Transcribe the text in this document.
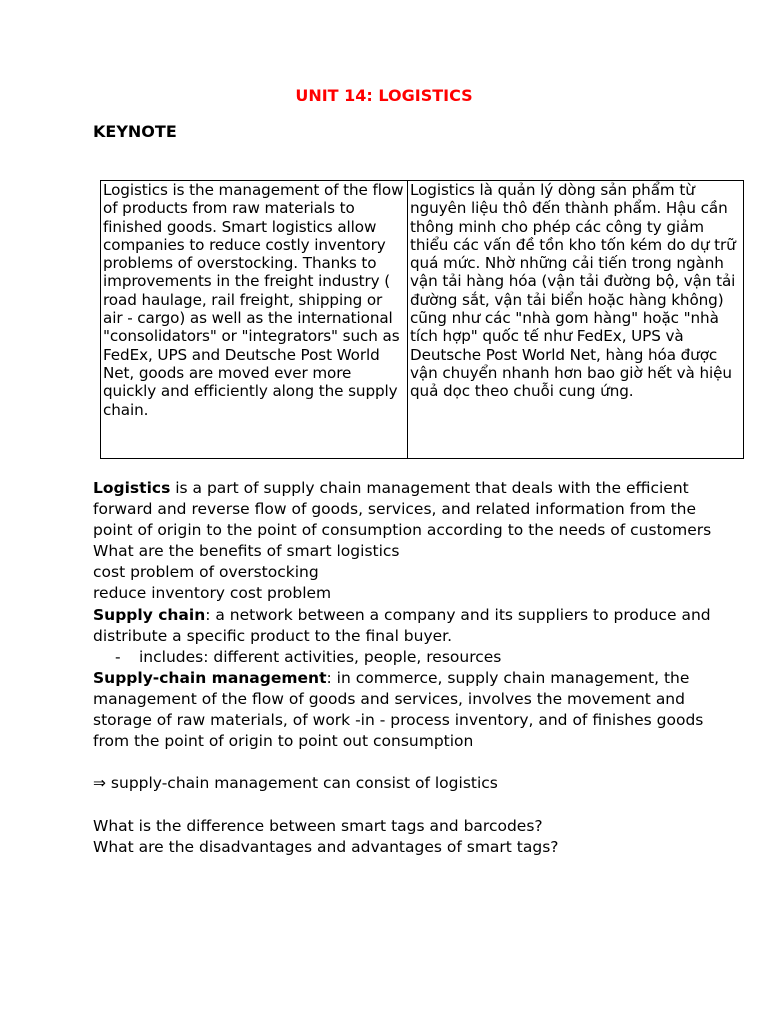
UNIT 14: LOGISTICS
KEYNOTE
Logistics is the management of the flow of products from raw materials to finished goods. Smart logistics allow companies to reduce costly inventory problems of overstocking. Thanks to improvements in the freight industry ( road haulage, rail freight, shipping or air - cargo) as well as the international "consolidators" or "integrators" such as FedEx, UPS and Deutsche Post World Net, goods are moved ever more quickly and efficiently along the supply chain.	Logistics là quản lý dòng sản phẩm từ nguyên liệu thô đến thành phẩm. Hậu cần thông minh cho phép các công ty giảm thiểu các vấn đề tồn kho tốn kém do dự trữ quá mức. Nhờ những cải tiến trong ngành vận tải hàng hóa (vận tải đường bộ, vận tải đường sắt, vận tải biển hoặc hàng không) cũng như các "nhà gom hàng" hoặc "nhà tích hợp" quốc tế như FedEx, UPS và Deutsche Post World Net, hàng hóa được vận chuyển nhanh hơn bao giờ hết và hiệu quả dọc theo chuỗi cung ứng.

Logistics is a part of supply chain management that deals with the efficient forward and reverse flow of goods, services, and related information from the point of origin to the point of consumption according to the needs of customers

What are the benefits of smart logistics

cost problem of overstocking

reduce inventory cost problem

Supply chain: a network between a company and its suppliers to produce and distribute a specific product to the final buyer.

- includes: different activities, people, resources

Supply-chain management: in commerce, supply chain management, the management of the flow of goods and services, involves the movement and storage of raw materials, of work -in - process inventory, and of finishes goods from the point of origin to point out consumption

⇒ supply-chain management can consist of logistics

What is the difference between smart tags and barcodes?

What are the disadvantages and advantages of smart tags?
